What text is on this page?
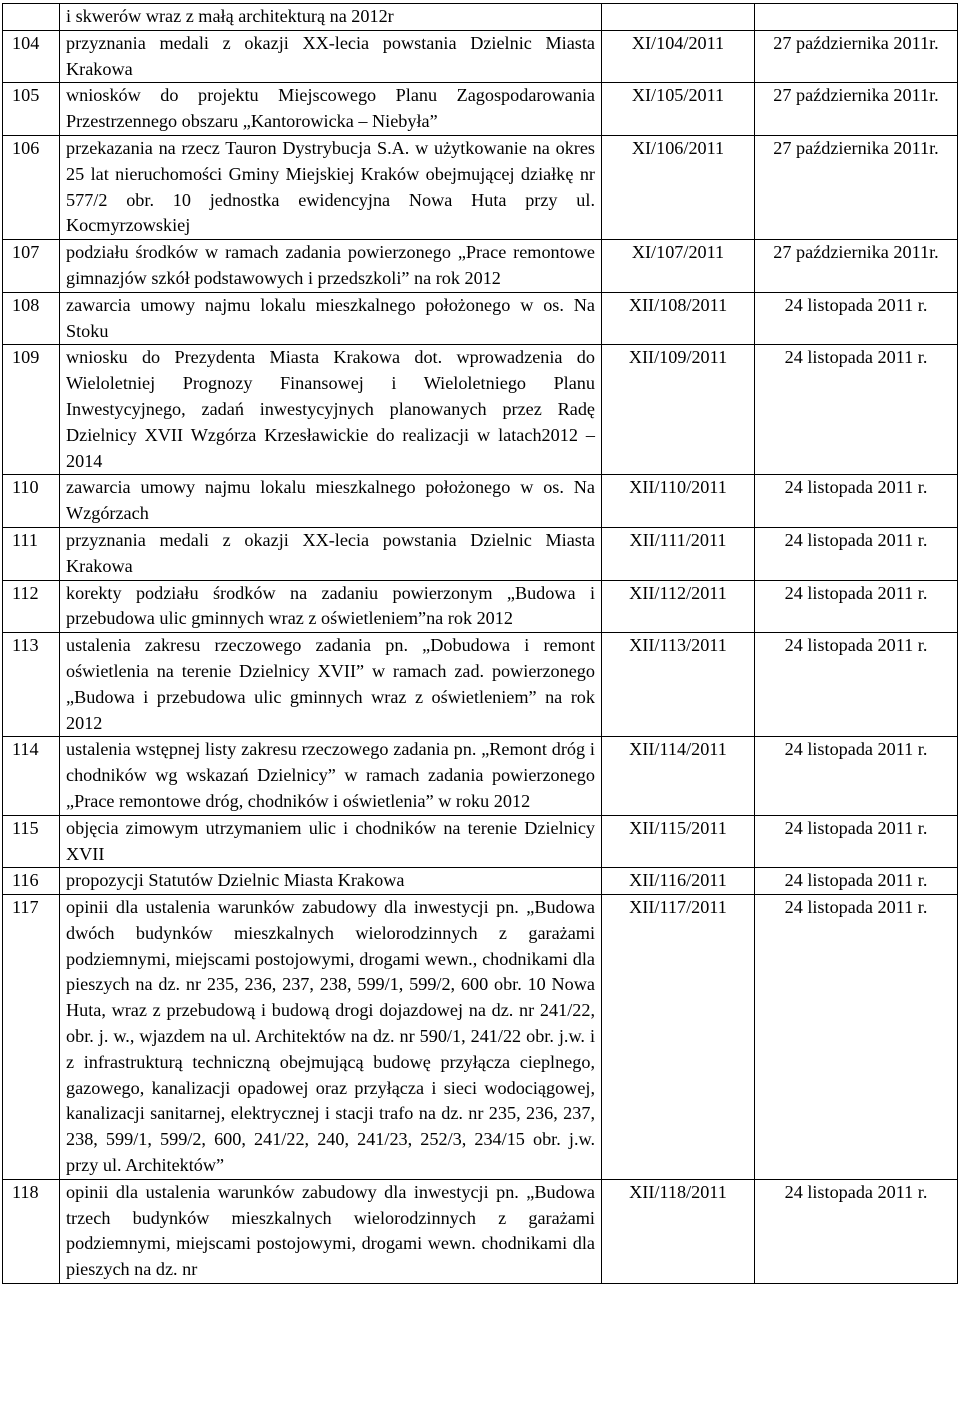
	i skwerów wraz z małą architekturą na 2012r		
104	przyznania medali z okazji XX-lecia powstania Dzielnic Miasta Krakowa	XI/104/2011	27 października 2011r.
105	wniosków do projektu Miejscowego Planu Zagospodarowania Przestrzennego obszaru „Kantorowicka – Niebyła”	XI/105/2011	27 października 2011r.
106	przekazania na rzecz Tauron Dystrybucja S.A. w użytkowanie na okres 25 lat nieruchomości Gminy Miejskiej Kraków obejmującej działkę nr 577/2 obr. 10 jednostka ewidencyjna Nowa Huta przy ul. Kocmyrzowskiej	XI/106/2011	27 października 2011r.
107	podziału środków w ramach zadania powierzonego „Prace remontowe gimnazjów szkół podstawowych i przedszkoli” na rok 2012	XI/107/2011	27 października 2011r.
108	zawarcia umowy najmu lokalu mieszkalnego położonego w os. Na Stoku	XII/108/2011	24 listopada 2011 r.
109	wniosku do Prezydenta Miasta Krakowa dot. wprowadzenia do Wieloletniej Prognozy Finansowej i Wieloletniego Planu Inwestycyjnego, zadań inwestycyjnych planowanych przez Radę Dzielnicy XVII Wzgórza Krzesławickie do realizacji w latach2012 – 2014	XII/109/2011	24 listopada 2011 r.
110	zawarcia umowy najmu lokalu mieszkalnego położonego w os. Na Wzgórzach	XII/110/2011	24 listopada 2011 r.
111	przyznania medali z okazji XX-lecia powstania Dzielnic Miasta Krakowa	XII/111/2011	24 listopada 2011 r.
112	korekty podziału środków na zadaniu powierzonym „Budowa i przebudowa ulic gminnych wraz z oświetleniem”na rok 2012	XII/112/2011	24 listopada 2011 r.
113	ustalenia zakresu rzeczowego zadania pn. „Dobudowa i remont oświetlenia na terenie Dzielnicy XVII” w ramach zad. powierzonego „Budowa i przebudowa ulic gminnych wraz z oświetleniem” na rok 2012	XII/113/2011	24 listopada 2011 r.
114	ustalenia wstępnej listy zakresu rzeczowego zadania pn. „Remont dróg i chodników wg wskazań Dzielnicy” w ramach zadania powierzonego „Prace remontowe dróg, chodników i oświetlenia” w roku 2012	XII/114/2011	24 listopada 2011 r.
115	objęcia zimowym utrzymaniem ulic i chodników na terenie Dzielnicy XVII	XII/115/2011	24 listopada 2011 r.
116	propozycji Statutów Dzielnic Miasta Krakowa	XII/116/2011	24 listopada 2011 r.
117	opinii dla ustalenia warunków zabudowy dla inwestycji pn. „Budowa dwóch budynków mieszkalnych wielorodzinnych z garażami podziemnymi, miejscami postojowymi, drogami wewn., chodnikami dla pieszych na dz. nr 235, 236, 237, 238, 599/1, 599/2, 600 obr. 10 Nowa Huta, wraz z przebudową i budową drogi dojazdowej na dz. nr 241/22, obr. j. w., wjazdem na ul. Architektów na dz. nr 590/1, 241/22 obr. j.w. i z infrastrukturą techniczną obejmującą budowę przyłącza cieplnego, gazowego, kanalizacji opadowej oraz przyłącza i sieci wodociągowej, kanalizacji sanitarnej, elektrycznej i stacji trafo na dz. nr 235, 236, 237, 238, 599/1, 599/2, 600, 241/22, 240, 241/23, 252/3, 234/15 obr. j.w. przy ul. Architektów”	XII/117/2011	24 listopada 2011 r.
118	opinii dla ustalenia warunków zabudowy dla inwestycji pn. „Budowa trzech budynków mieszkalnych wielorodzinnych z garażami podziemnymi, miejscami postojowymi, drogami wewn. chodnikami dla pieszych na dz. nr	XII/118/2011	24 listopada 2011 r.
